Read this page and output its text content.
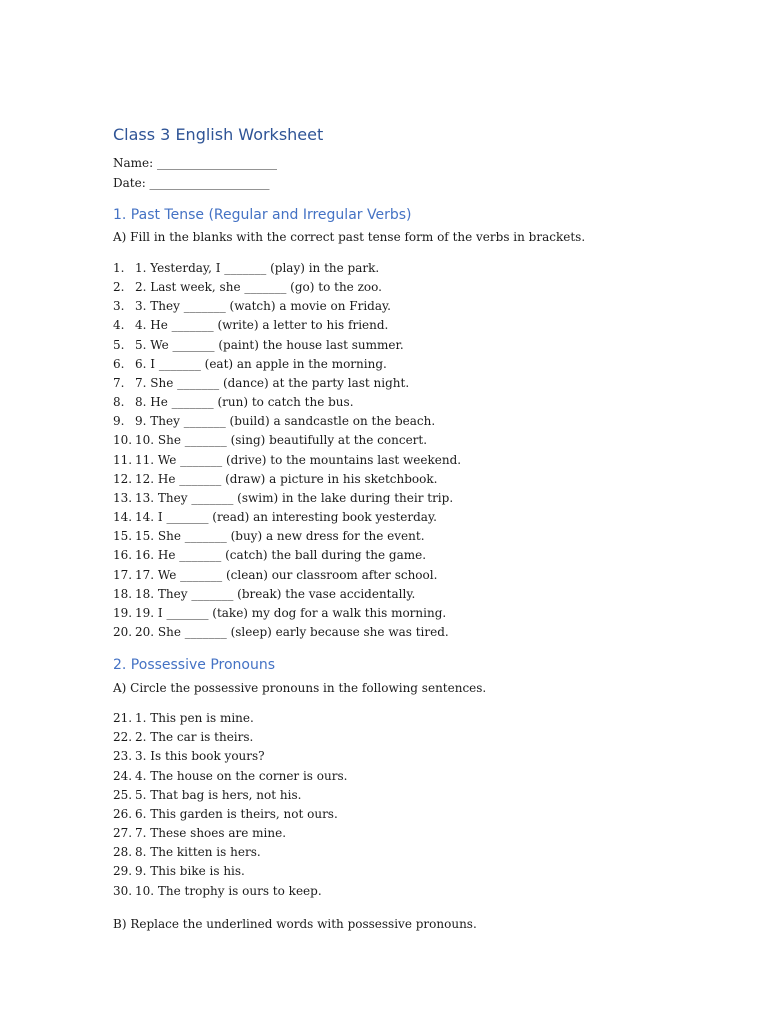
Class 3 English Worksheet
Name: ____________________
Date: ____________________
1. Past Tense (Regular and Irregular Verbs)
A) Fill in the blanks with the correct past tense form of the verbs in brackets.
1. 1. Yesterday, I _______ (play) in the park.
2. 2. Last week, she _______ (go) to the zoo.
3. 3. They _______ (watch) a movie on Friday.
4. 4. He _______ (write) a letter to his friend.
5. 5. We _______ (paint) the house last summer.
6. 6. I _______ (eat) an apple in the morning.
7. 7. She _______ (dance) at the party last night.
8. 8. He _______ (run) to catch the bus.
9. 9. They _______ (build) a sandcastle on the beach.
10. 10. She _______ (sing) beautifully at the concert.
11. 11. We _______ (drive) to the mountains last weekend.
12. 12. He _______ (draw) a picture in his sketchbook.
13. 13. They _______ (swim) in the lake during their trip.
14. 14. I _______ (read) an interesting book yesterday.
15. 15. She _______ (buy) a new dress for the event.
16. 16. He _______ (catch) the ball during the game.
17. 17. We _______ (clean) our classroom after school.
18. 18. They _______ (break) the vase accidentally.
19. 19. I _______ (take) my dog for a walk this morning.
20. 20. She _______ (sleep) early because she was tired.
2. Possessive Pronouns
A) Circle the possessive pronouns in the following sentences.
21. 1. This pen is mine.
22. 2. The car is theirs.
23. 3. Is this book yours?
24. 4. The house on the corner is ours.
25. 5. That bag is hers, not his.
26. 6. This garden is theirs, not ours.
27. 7. These shoes are mine.
28. 8. The kitten is hers.
29. 9. This bike is his.
30. 10. The trophy is ours to keep.
B) Replace the underlined words with possessive pronouns.
